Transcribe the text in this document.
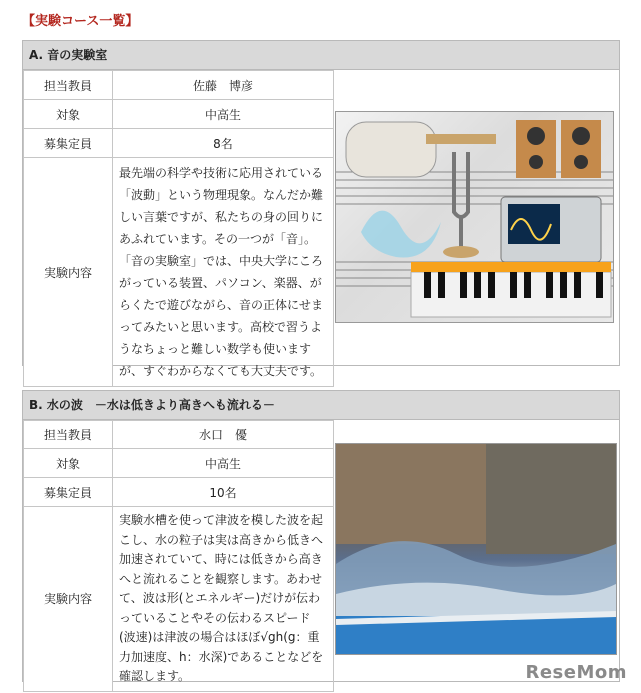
【実験コース一覧】
A. 音の実験室
担当教員	佐藤　博彦
対象	中高生
募集定員	8名
実験内容	最先端の科学や技術に応用されている「波動」という物理現象。なんだか難しい言葉ですが、私たちの身の回りにあふれています。その一つが「音」。「音の実験室」では、中央大学にころがっている装置、パソコン、楽器、がらくたで遊びながら、音の正体にせまってみたいと思います。高校で習うようなちょっと難しい数学も使いますが、すぐわからなくても大丈夫です。
B. 水の波　－水は低きより高きへも流れる－
担当教員	水口　優
対象	中高生
募集定員	10名
実験内容	実験水槽を使って津波を模した波を起こし、水の粒子は実は高きから低きへ加速されていて、時には低きから高きへと流れることを観察します。あわせて、波は形(とエネルギー)だけが伝わっていることやその伝わるスピード(波速)は津波の場合はほぼ√gh(g：重力加速度、h：水深)であることなどを確認します。	ReseMom
